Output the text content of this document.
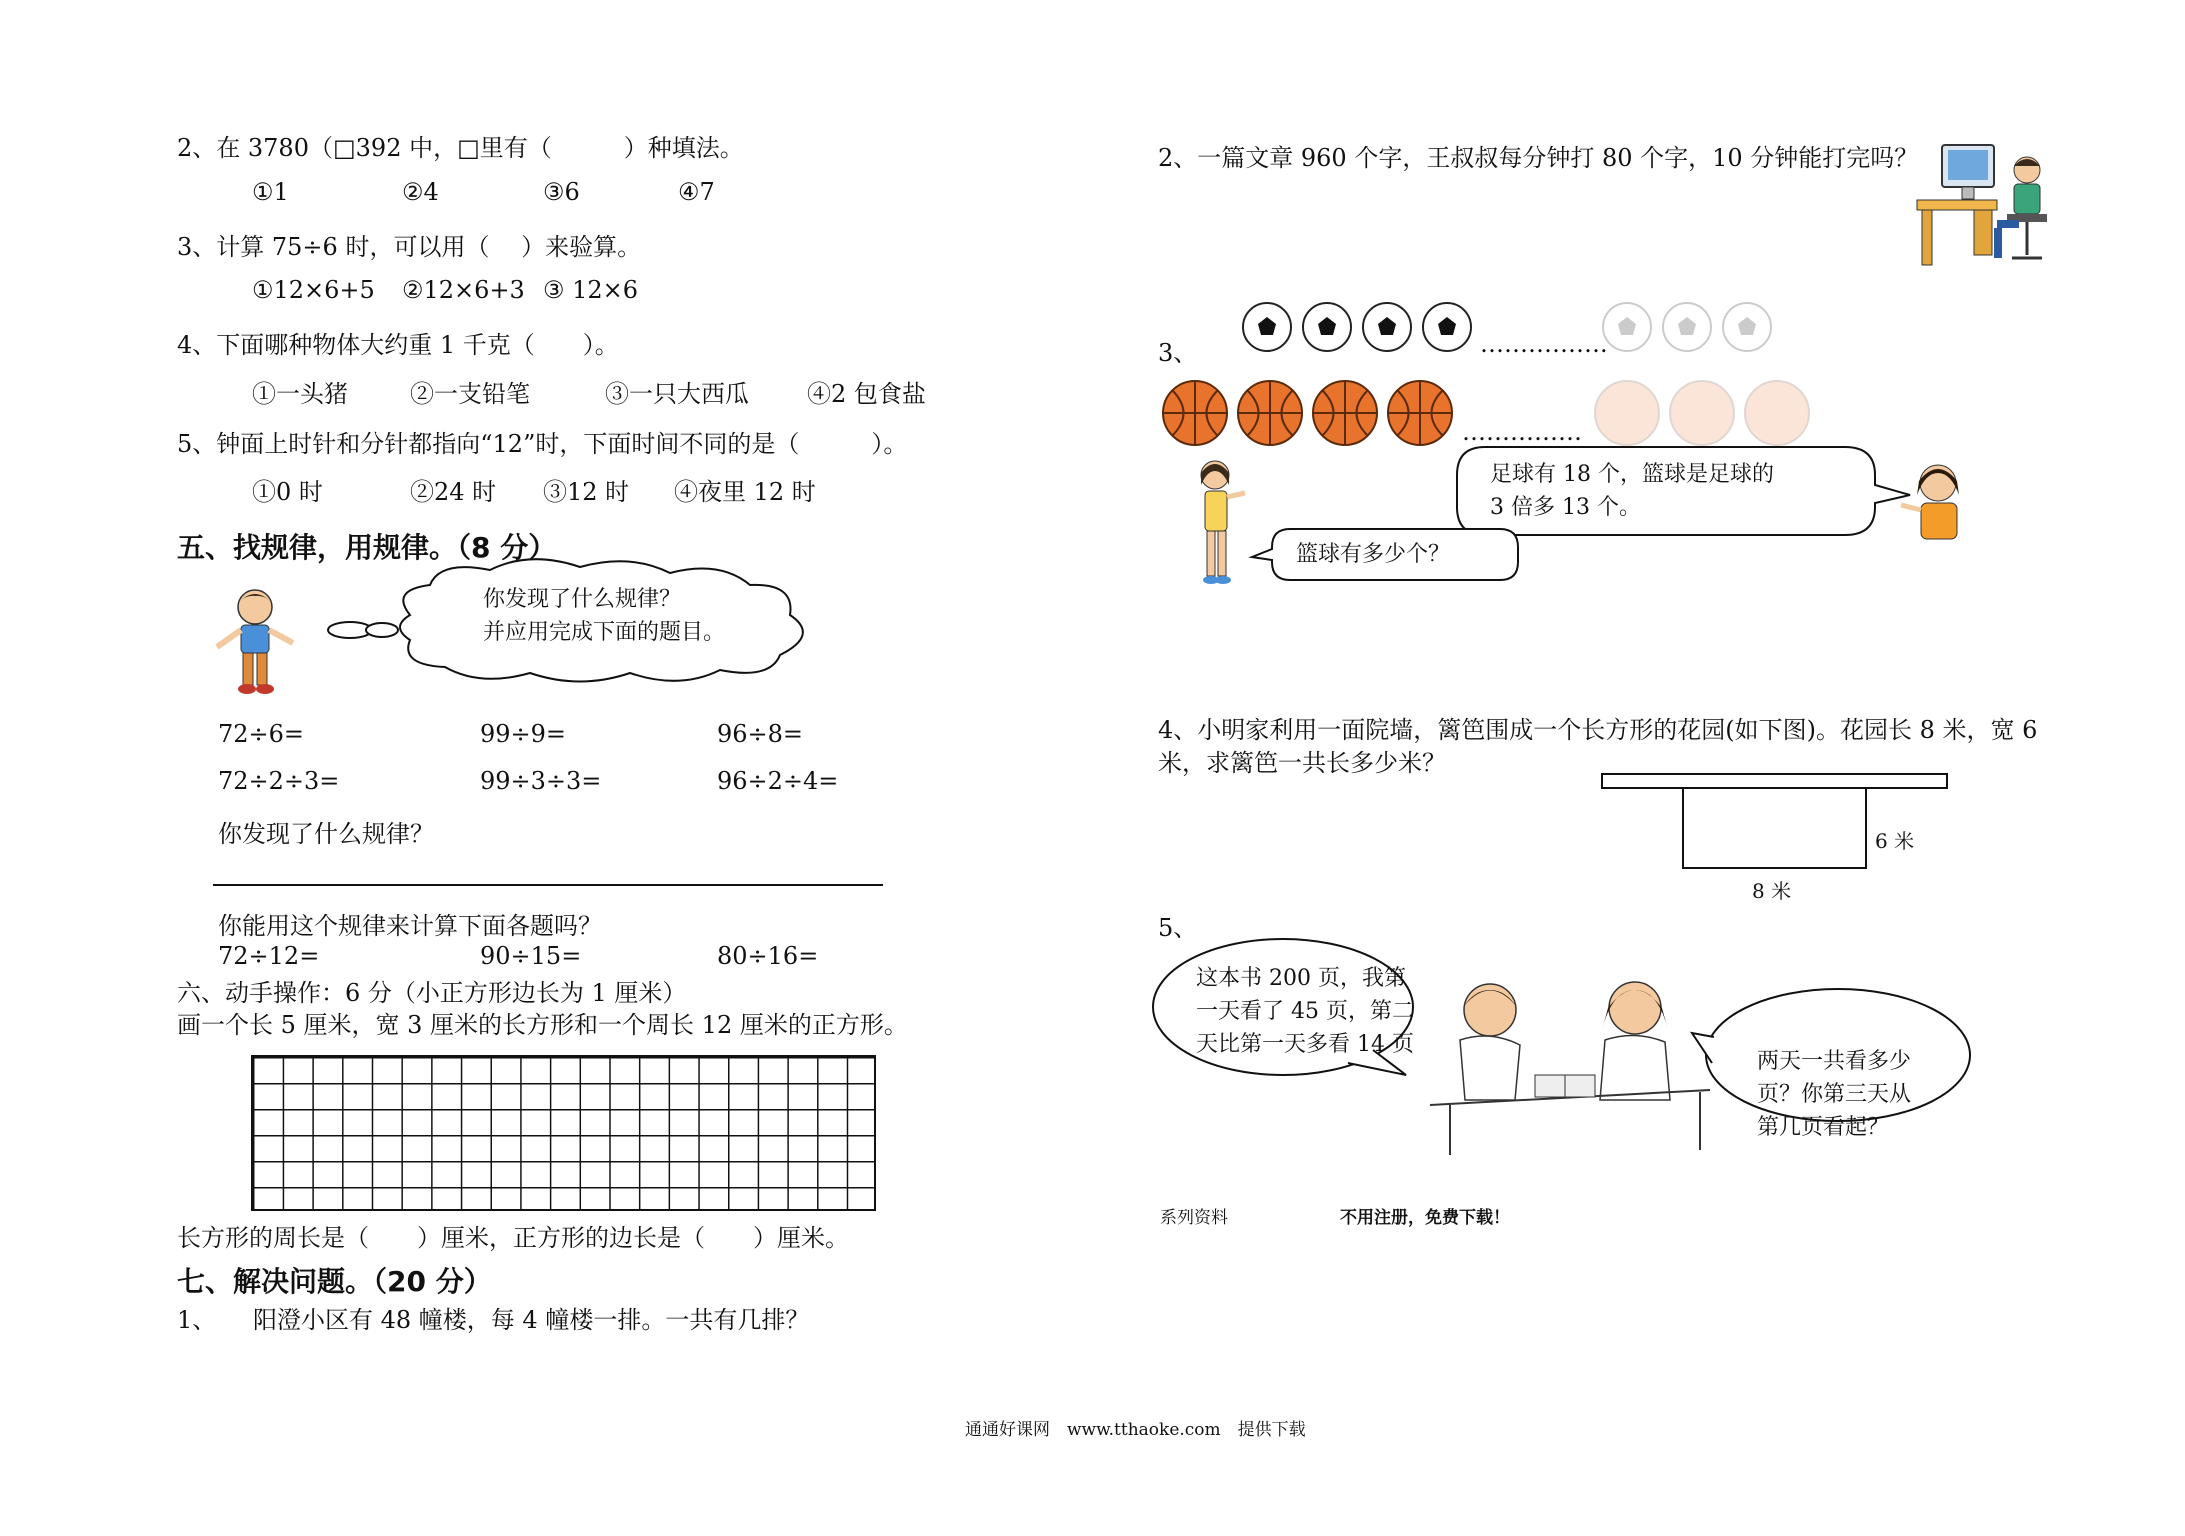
2、在 3780（□392 中，□里有（　　　）种填法。
①1	②4	③6	④7
3、计算 75÷6 时，可以用（　 ）来验算。
①12×6+5 ②12×6+3 ③ 12×6
4、下面哪种物体大约重 1 千克（　　）。
①一头猪	②一支铅笔	③一只大西瓜 ④2 包食盐
5、钟面上时针和分针都指向“12”时，下面时间不同的是（　　　）。
①0 时	②24 时 ③12 时 ④夜里 12 时
五、找规律，用规律。（8 分）
你发现了什么规律？
并应用完成下面的题目。
72÷6=	99÷9=	96÷8=
72÷2÷3=	99÷3÷3=	96÷2÷4=
你发现了什么规律？
你能用这个规律来计算下面各题吗？
72÷12=	90÷15=	80÷16=
六、动手操作：6 分（小正方形边长为 1 厘米）
画一个长 5 厘米，宽 3 厘米的长方形和一个周长 12 厘米的正方形。
长方形的周长是（　　）厘米，正方形的边长是（　　）厘米。
七、解决问题。（20 分）
1、 阳澄小区有 48 幢楼，每 4 幢楼一排。一共有几排？
2、一篇文章 960 个字，王叔叔每分钟打 80 个字，10 分钟能打完吗？
3、	…………….
……………
足球有 18 个，篮球是足球的
3 倍多 13 个。
篮球有多少个？
4、小明家利用一面院墙，篱笆围成一个长方形的花园(如下图)。花园长 8 米，宽 6
米，求篱笆一共长多少米？
6 米
8 米
5、
这本书 200 页，我第
一天看了 45 页，第二
天比第一天多看 14 页
两天一共看多少
页？你第三天从
第几页看起？
系列资料	不用注册，免费下载！
通通好课网　www.tthaoke.com　提供下载
